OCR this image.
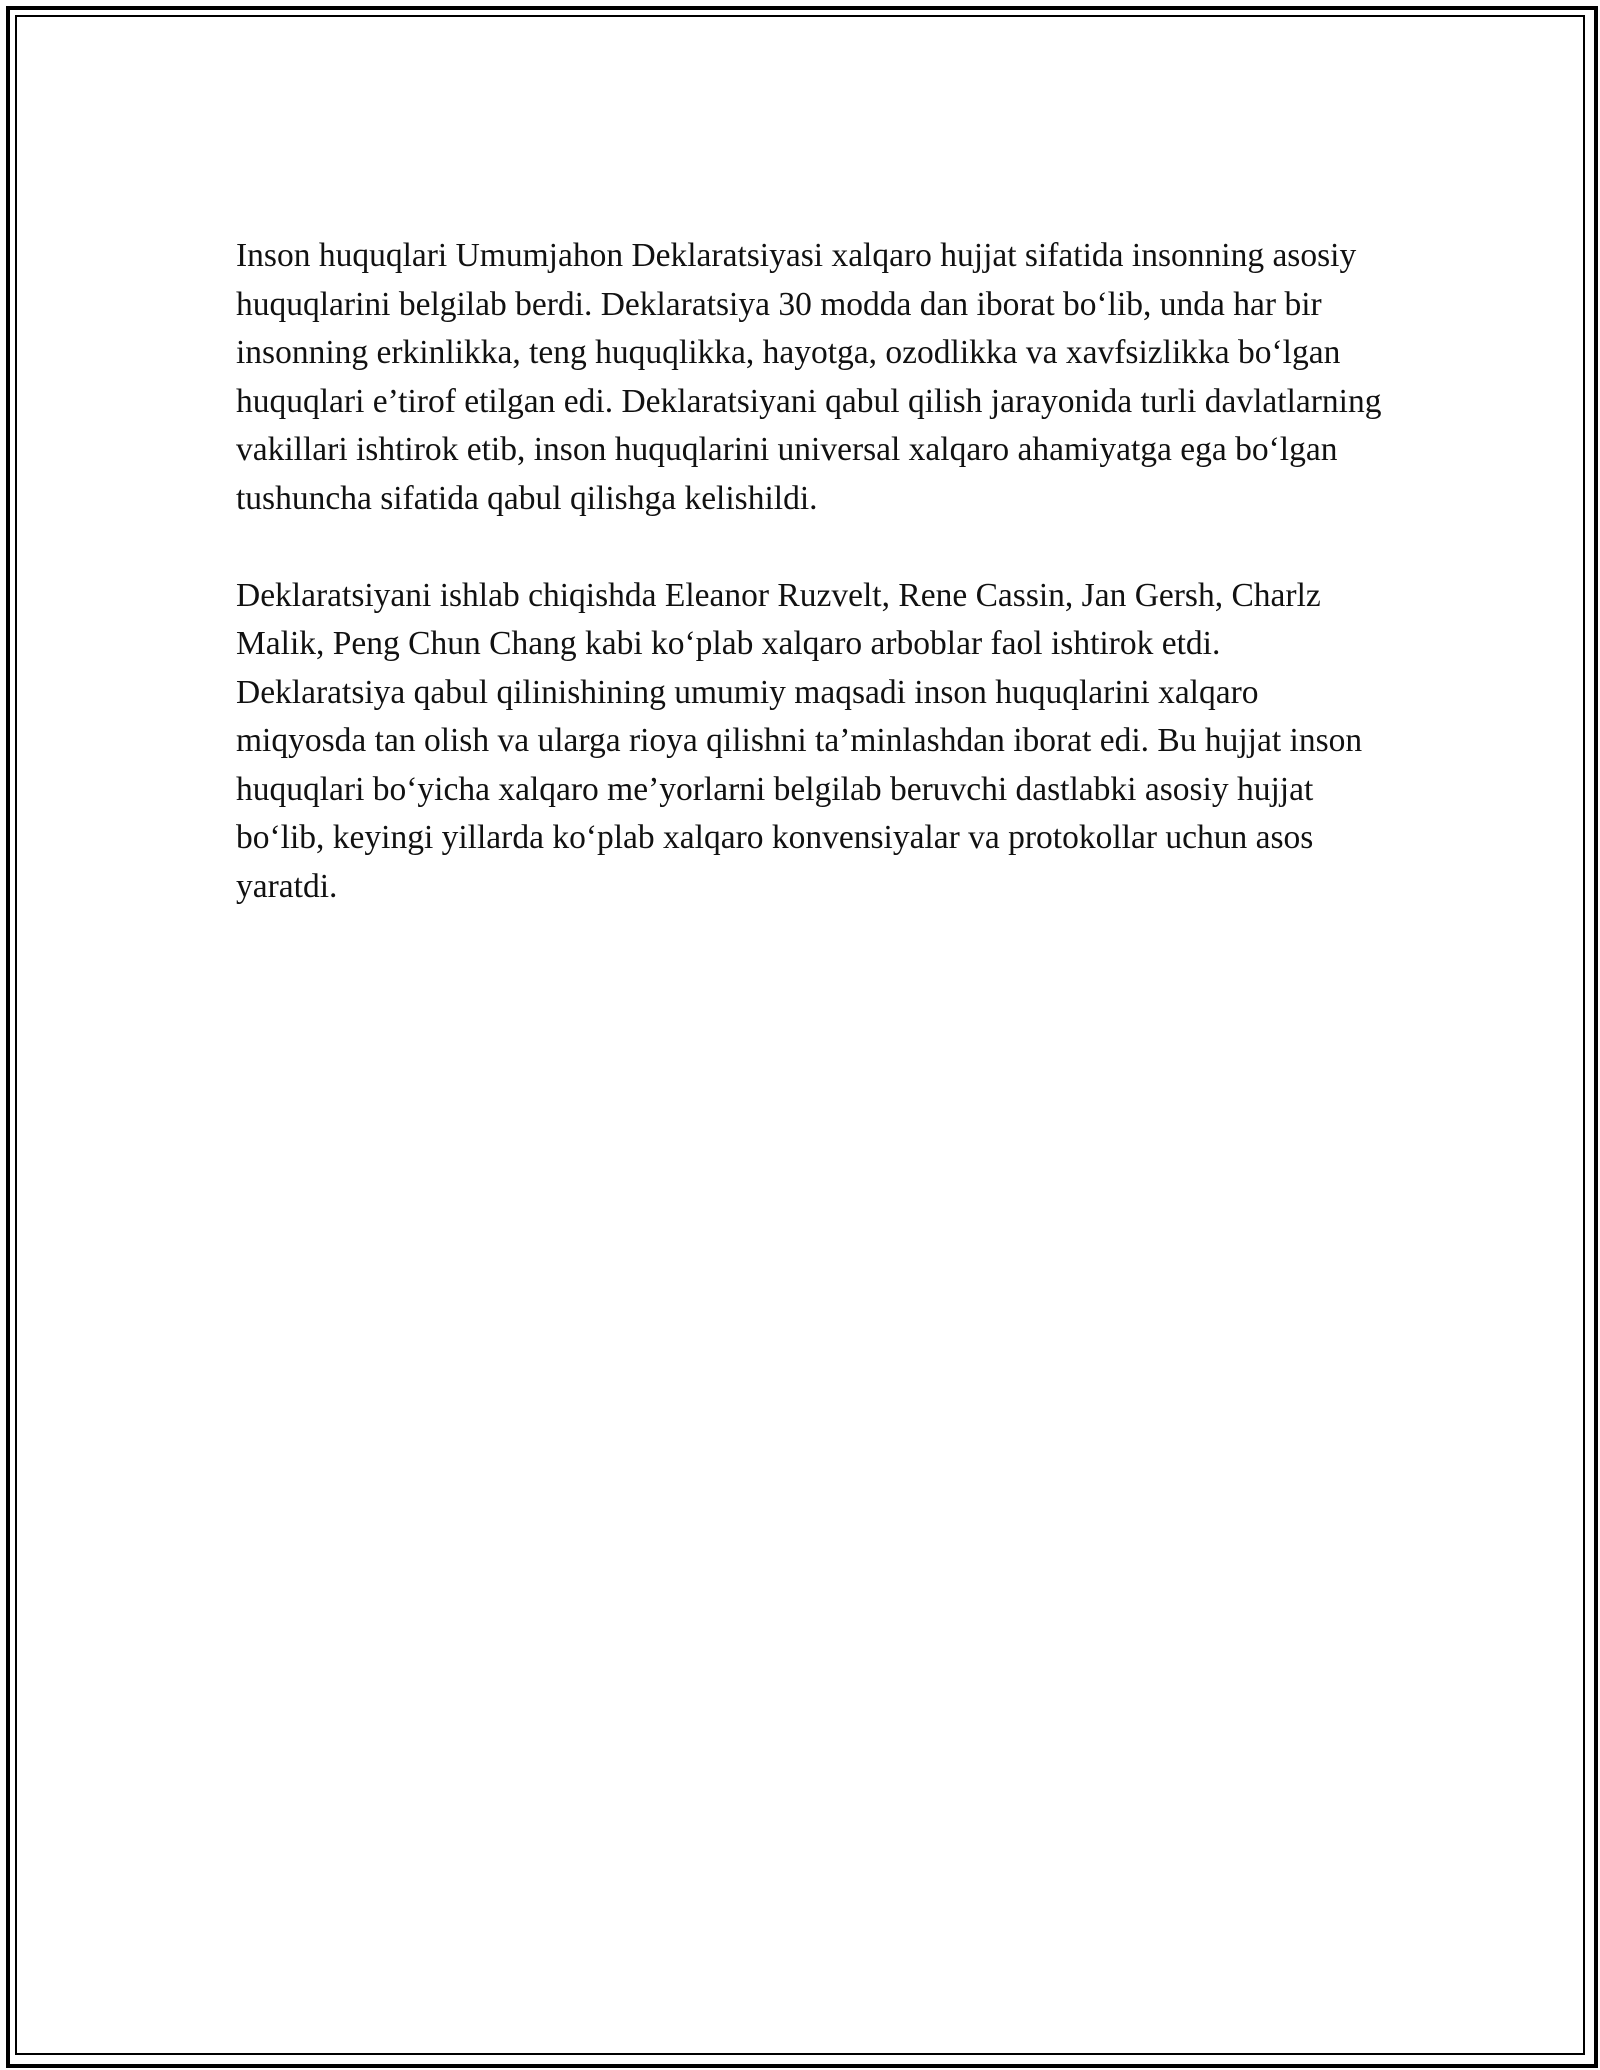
Inson huquqlari Umumjahon Deklaratsiyasi xalqaro hujjat sifatida insonning asosiy huquqlarini belgilab berdi. Deklaratsiya 30 modda dan iborat bo‘lib, unda har bir insonning erkinlikka, teng huquqlikka, hayotga, ozodlikka va xavfsizlikka bo‘lgan huquqlari e’tirof etilgan edi. Deklaratsiyani qabul qilish jarayonida turli davlatlarning vakillari ishtirok etib, inson huquqlarini universal xalqaro ahamiyatga ega bo‘lgan tushuncha sifatida qabul qilishga kelishildi.

Deklaratsiyani ishlab chiqishda Eleanor Ruzvelt, Rene Cassin, Jan Gersh, Charlz Malik, Peng Chun Chang kabi ko‘plab xalqaro arboblar faol ishtirok etdi. Deklaratsiya qabul qilinishining umumiy maqsadi inson huquqlarini xalqaro miqyosda tan olish va ularga rioya qilishni ta’minlashdan iborat edi. Bu hujjat inson huquqlari bo‘yicha xalqaro me’yorlarni belgilab beruvchi dastlabki asosiy hujjat bo‘lib, keyingi yillarda ko‘plab xalqaro konvensiyalar va protokollar uchun asos yaratdi.
